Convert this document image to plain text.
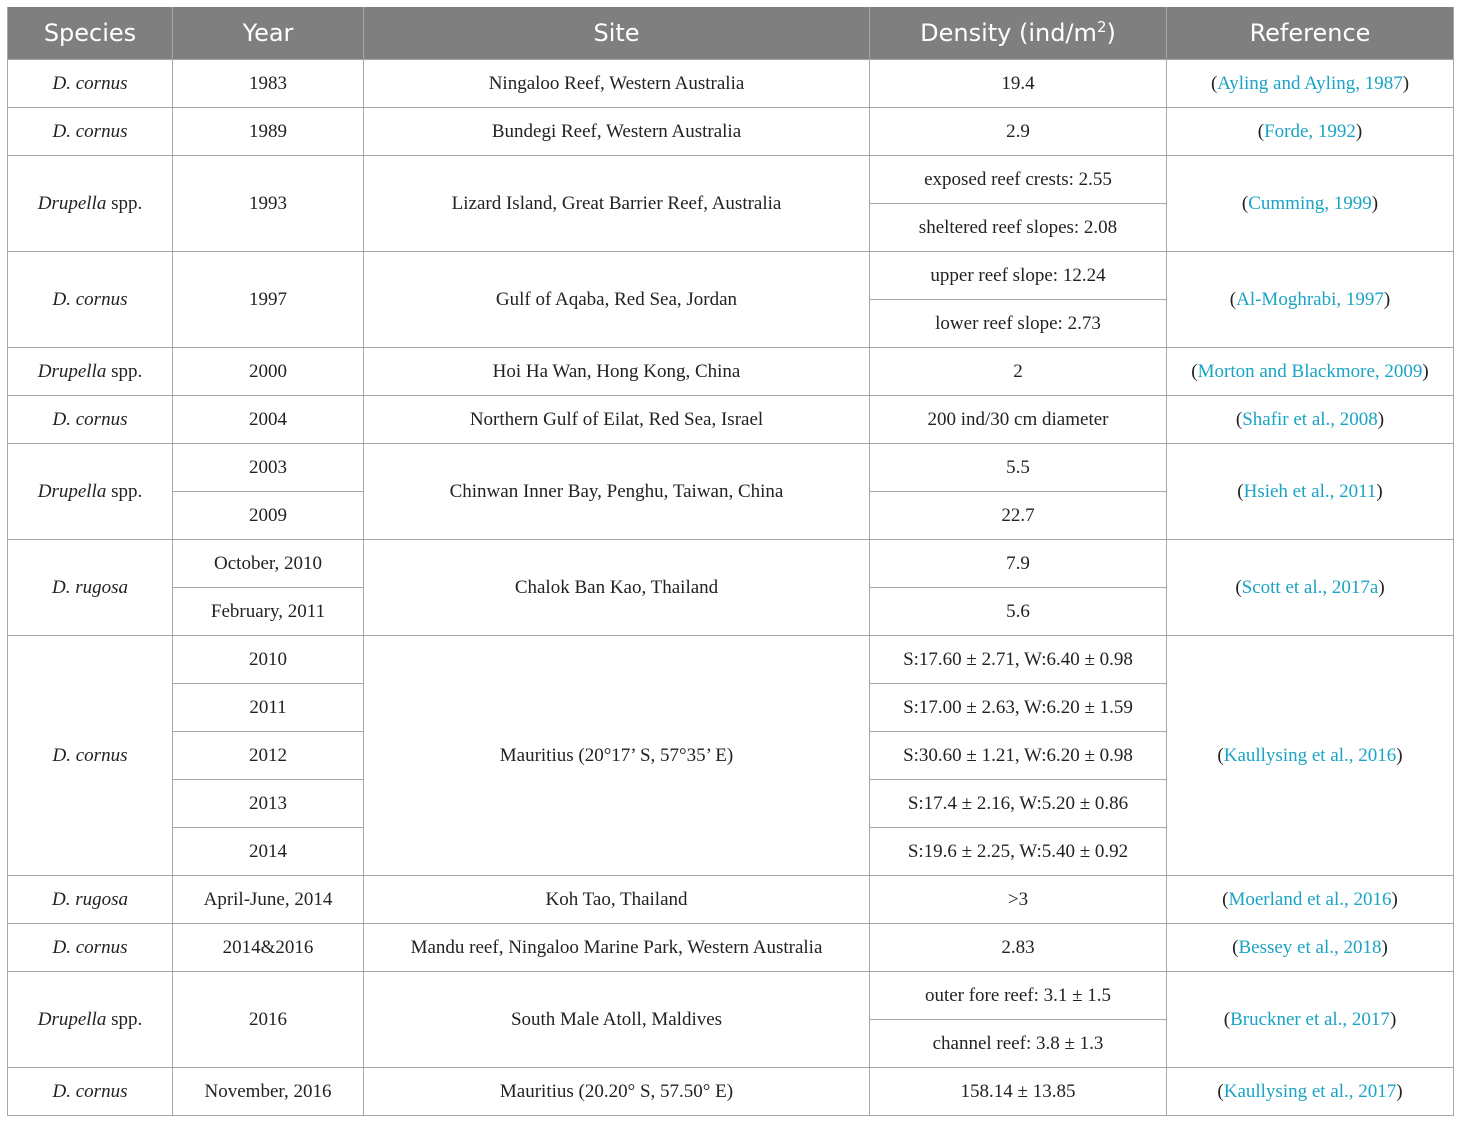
Species	Year	Site	Density $(ind/m^2)$	Reference
D. cornus	1983	Ningaloo Reef, Western Australia	19.4	(Ayling and Ayling, 1987)
D. cornus	1989	Bundegi Reef, Western Australia	2.9	(Forde, 1992)
Drupella spp.	1993	Lizard Island, Great Barrier Reef, Australia	exposed reef crests: 2.55	(Cumming, 1999)
			sheltered reef slopes: 2.08	
D. cornus	1997	Gulf of Aqaba, Red Sea, Jordan	upper reef slope: 12.24	(Al-Moghrabi, 1997)
			lower reef slope: 2.73	
Drupella spp.	2000	Hoi Ha Wan, Hong Kong, China	2	(Morton and Blackmore, 2009)
D. cornus	2004	Northern Gulf of Eilat, Red Sea, Israel	200 ind/30 cm diameter	(Shafir et al., 2008)
Drupella spp.	2003	Chinwan Inner Bay, Penghu, Taiwan, China	5.5	(Hsieh et al., 2011)
	2009		22.7	
D. rugosa	October, 2010	Chalok Ban Kao, Thailand	7.9	(Scott et al., 2017a)
	February, 2011		5.6	
D. cornus	2010	Mauritius (20°17’ S, 57°35’ E)	S:17.60 ± 2.71, W:6.40 ± 0.98	(Kaullysing et al., 2016)
	2011		S:17.00 ± 2.63, W:6.20 ± 1.59	
	2012		S:30.60 ± 1.21, W:6.20 ± 0.98	
	2013		S:17.4 ± 2.16, W:5.20 ± 0.86	
	2014		S:19.6 ± 2.25, W:5.40 ± 0.92	
D. rugosa	April-June, 2014	Koh Tao, Thailand	>3	(Moerland et al., 2016)
D. cornus	2014&2016	Mandu reef, Ningaloo Marine Park, Western Australia	2.83	(Bessey et al., 2018)
Drupella spp.	2016	South Male Atoll, Maldives	outer fore reef: 3.1 ± 1.5	(Bruckner et al., 2017)
			channel reef: 3.8 ± 1.3	
D. cornus	November, 2016	Mauritius (20.20° S, 57.50° E)	158.14 ± 13.85	(Kaullysing et al., 2017)
